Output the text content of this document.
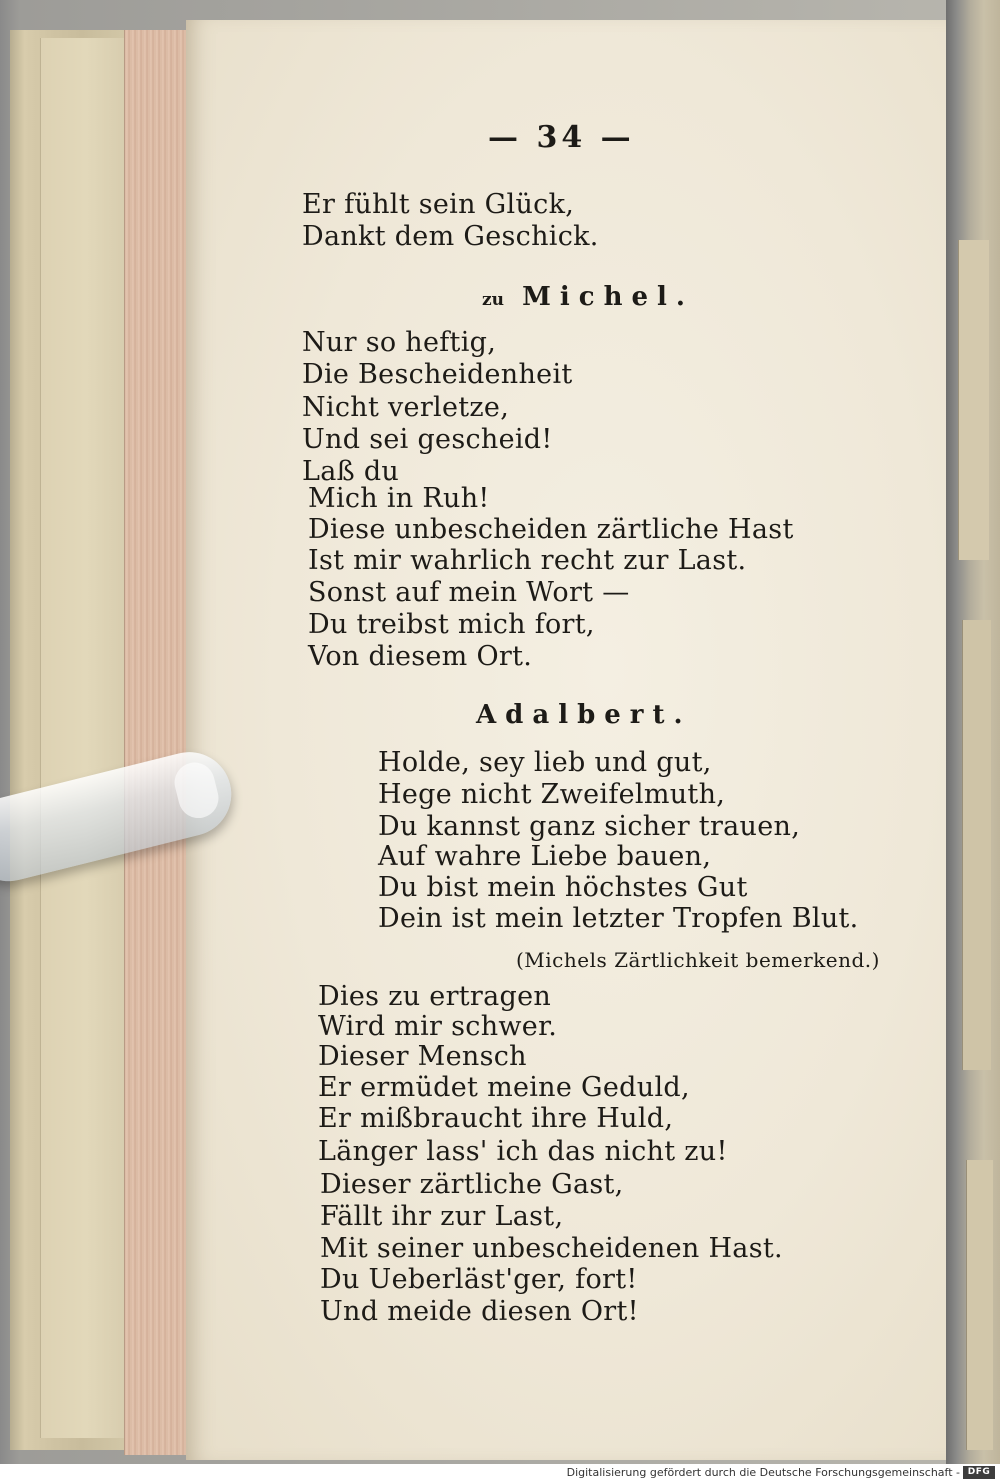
— 34 —
Er fühlt sein Glück,
Dankt dem Geschick.
zu Michel.
Nur so heftig,
Die Bescheidenheit
Nicht verletze,
Und sei gescheid!
Laß du
Mich in Ruh!
Diese unbescheiden zärtliche Hast
Ist mir wahrlich recht zur Last.
Sonst auf mein Wort —
Du treibst mich fort,
Von diesem Ort.
Adalbert.
Holde, sey lieb und gut,
Hege nicht Zweifelmuth,
Du kannst ganz sicher trauen,
Auf wahre Liebe bauen,
Du bist mein höchstes Gut
Dein ist mein letzter Tropfen Blut.
(Michels Zärtlichkeit bemerkend.)
Dies zu ertragen
Wird mir schwer.
Dieser Mensch
Er ermüdet meine Geduld,
Er mißbraucht ihre Huld,
Länger lass' ich das nicht zu!
Dieser zärtliche Gast,
Fällt ihr zur Last,
Mit seiner unbescheidenen Hast.
Du Ueberläst'ger, fort!
Und meide diesen Ort!
Digitalisierung gefördert durch die Deutsche Forschungsgemeinschaft - DFG
